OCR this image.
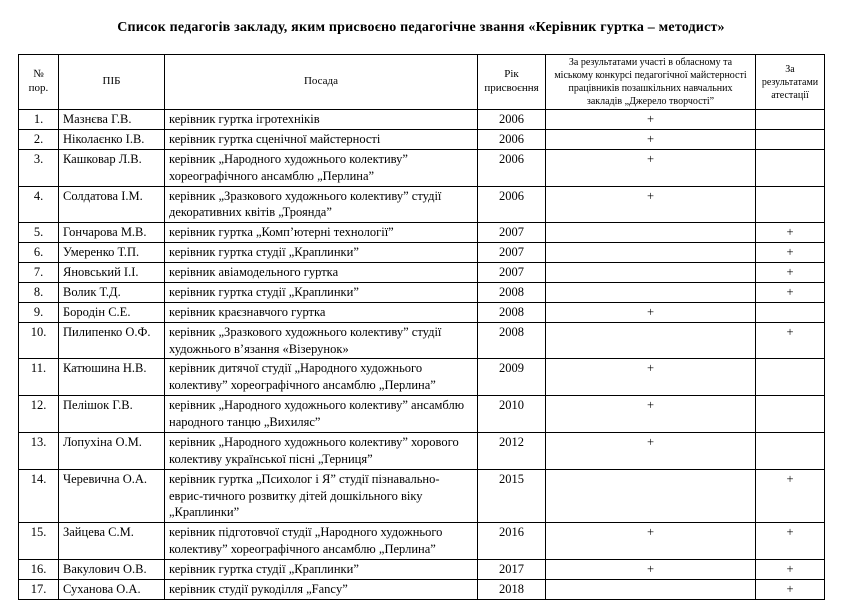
Список педагогів закладу, яким присвоєно педагогічне звання «Керівник гуртка – методист»
№ пор.	ПІБ	Посада	Рік присвоєння	За результатами участі в обласному та міському конкурсі педагогічної майстерності працівників позашкільних навчальних закладів „Джерело творчості”	За результатами атестації
1.	Мазнєва Г.В.	керівник гуртка ігротехніків	2006	+	
2.	Ніколаєнко І.В.	керівник гуртка сценічної майстерності	2006	+	
3.	Кашковар Л.В.	керівник „Народного художнього колективу” хореографічного ансамблю „Перлина”	2006	+	
4.	Солдатова І.М.	керівник „Зразкового художнього колективу” студії декоративних квітів „Троянда”	2006	+	
5.	Гончарова М.В.	керівник гуртка „Комп’ютерні технології”	2007		+
6.	Умеренко Т.П.	керівник гуртка студії „Краплинки”	2007		+
7.	Яновський І.І.	керівник авіамодельного гуртка	2007		+
8.	Волик Т.Д.	керівник гуртка студії „Краплинки”	2008		+
9.	Бородін С.Е.	керівник краєзнавчого гуртка	2008	+	
10.	Пилипенко О.Ф.	керівник „Зразкового художнього колективу” студії художнього в’язання «Візерунок»	2008		+
11.	Катюшина Н.В.	керівник дитячої студії „Народного художнього колективу” хореографічного ансамблю „Перлина”	2009	+	
12.	Пелішок Г.В.	керівник „Народного художнього колективу” ансамблю народного танцю „Вихиляс”	2010	+	
13.	Лопухіна О.М.	керівник „Народного художнього колективу” хорового колективу української пісні „Терниця”	2012	+	
14.	Черевична О.А.	керівник гуртка „Психолог і Я” студії пізнавально-еврис-тичного розвитку дітей дошкільного віку „Краплинки”	2015		+
15.	Зайцева С.М.	керівник підготовчої студії „Народного художнього колективу” хореографічного ансамблю „Перлина”	2016	+	+
16.	Вакулович О.В.	керівник гуртка студії „Краплинки”	2017	+	+
17.	Суханова О.А.	керівник студії рукоділля „Fancy”	2018		+
